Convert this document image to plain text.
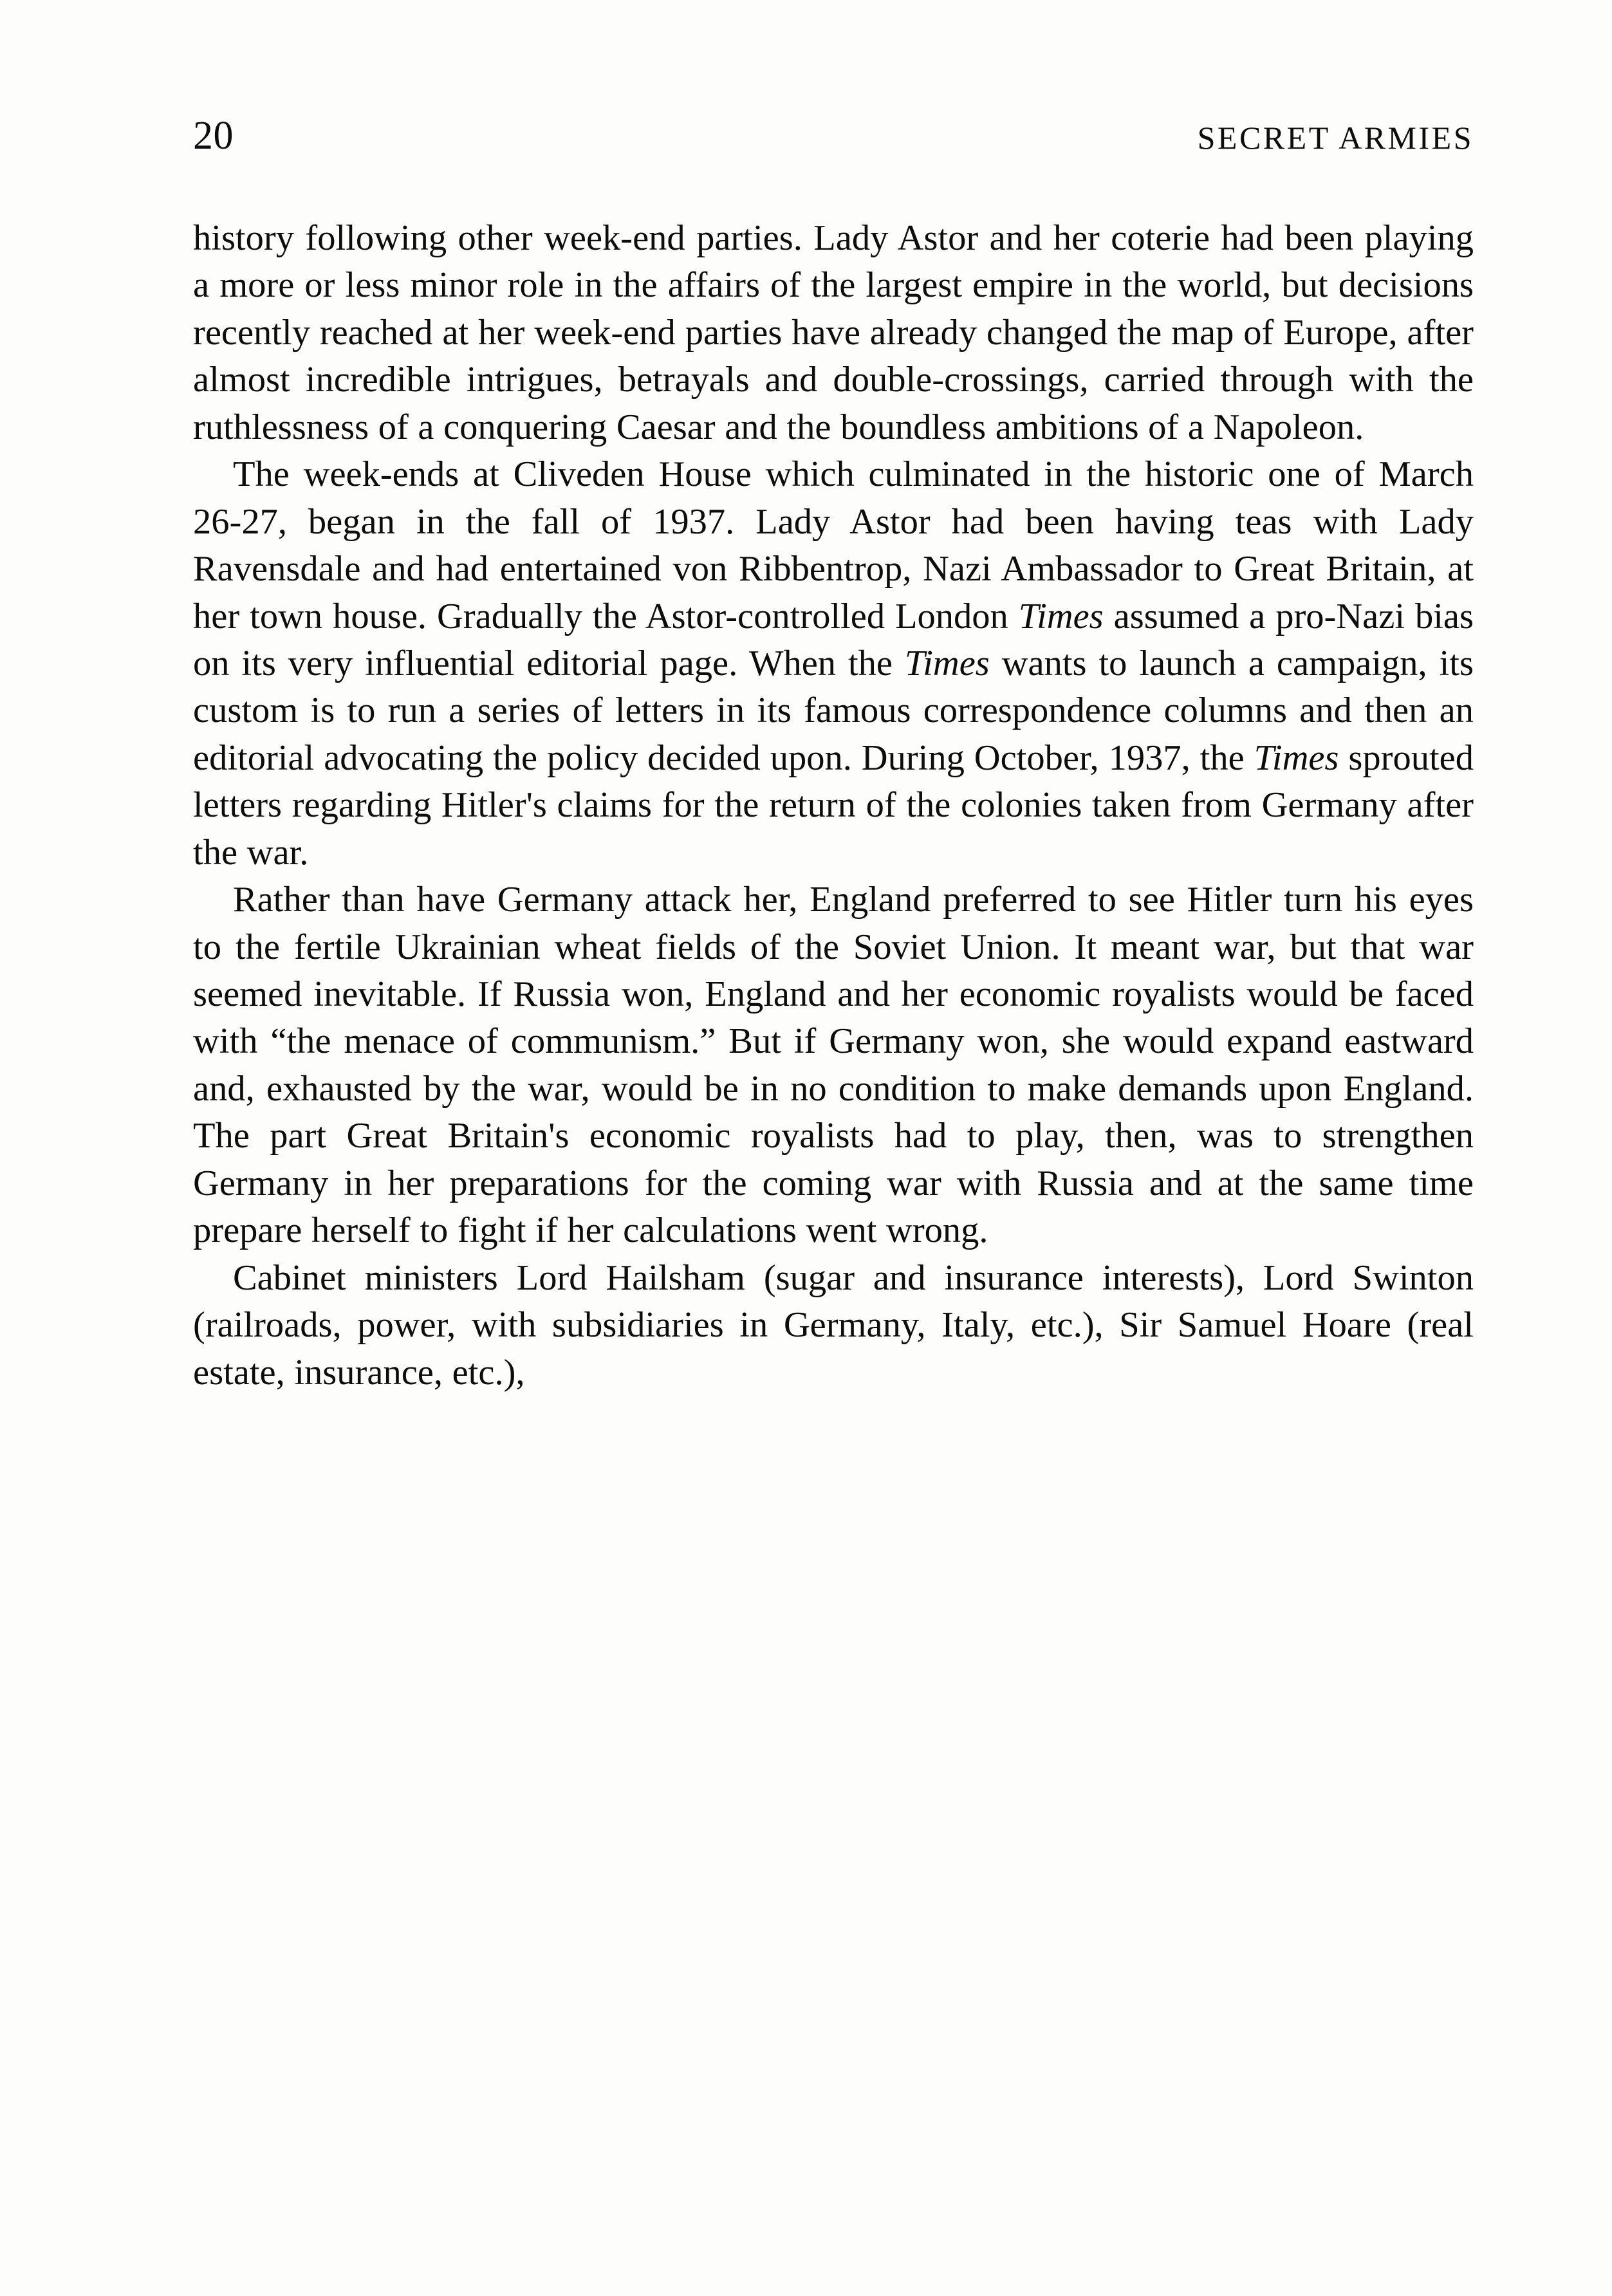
20	SECRET ARMIES

history following other week-end parties. Lady Astor and her coterie had been playing a more or less minor role in the affairs of the largest empire in the world, but decisions recently reached at her week-end parties have already changed the map of Europe, after almost incredible intrigues, betrayals and double-crossings, carried through with the ruthlessness of a conquering Caesar and the boundless ambitions of a Napoleon.

The week-ends at Cliveden House which culminated in the historic one of March 26-27, began in the fall of 1937. Lady Astor had been having teas with Lady Ravensdale and had entertained von Ribbentrop, Nazi Ambassador to Great Britain, at her town house. Gradually the Astor-controlled London Times assumed a pro-Nazi bias on its very influential editorial page. When the Times wants to launch a campaign, its custom is to run a series of letters in its famous correspondence columns and then an editorial advocating the policy decided upon. During October, 1937, the Times sprouted letters regarding Hitler's claims for the return of the colonies taken from Germany after the war.

Rather than have Germany attack her, England preferred to see Hitler turn his eyes to the fertile Ukrainian wheat fields of the Soviet Union. It meant war, but that war seemed inevitable. If Russia won, England and her economic royalists would be faced with “the menace of communism.” But if Germany won, she would expand eastward and, exhausted by the war, would be in no condition to make demands upon England. The part Great Britain's economic royalists had to play, then, was to strengthen Germany in her preparations for the coming war with Russia and at the same time prepare herself to fight if her calculations went wrong.

Cabinet ministers Lord Hailsham (sugar and insurance interests), Lord Swinton (railroads, power, with subsidiaries in Germany, Italy, etc.), Sir Samuel Hoare (real estate, insurance, etc.),
